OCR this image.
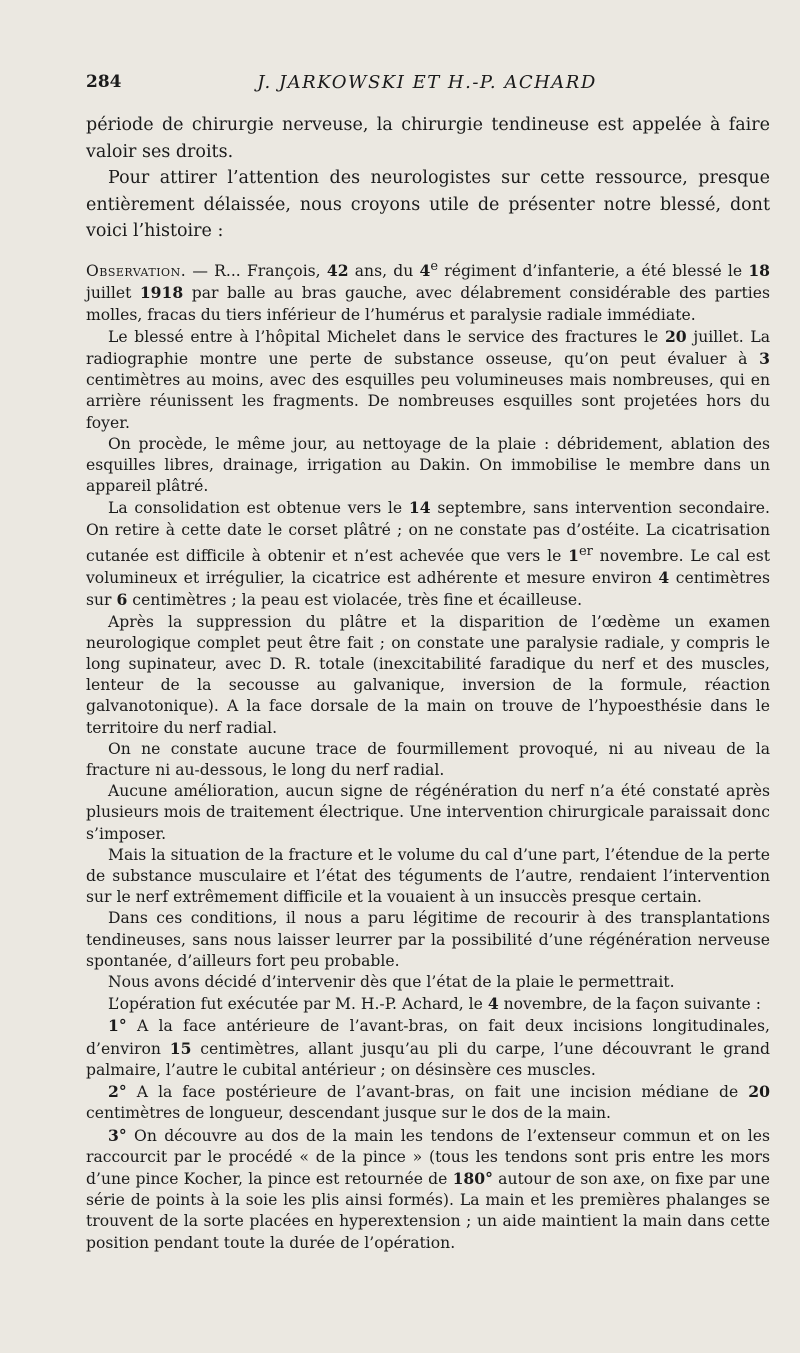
284	J. JARKOWSKI ET H.-P. ACHARD

période de chirurgie nerveuse, la chirurgie tendineuse est appelée à faire valoir ses droits.

Pour attirer l’attention des neurologistes sur cette ressource, presque entièrement délaissée, nous croyons utile de présenter notre blessé, dont voici l’histoire :

Observation. — R... François, 42 ans, du 4e régiment d’infanterie, a été blessé le 18 juillet 1918 par balle au bras gauche, avec délabrement considérable des parties molles, fracas du tiers inférieur de l’humérus et paralysie radiale immédiate.

Le blessé entre à l’hôpital Michelet dans le service des fractures le 20 juillet. La radiographie montre une perte de substance osseuse, qu’on peut évaluer à 3 centimètres au moins, avec des esquilles peu volumineuses mais nombreuses, qui en arrière réunissent les fragments. De nombreuses esquilles sont projetées hors du foyer.

On procède, le même jour, au nettoyage de la plaie : débridement, ablation des esquilles libres, drainage, irrigation au Dakin. On immobilise le membre dans un appareil plâtré.

La consolidation est obtenue vers le 14 septembre, sans intervention secondaire. On retire à cette date le corset plâtré ; on ne constate pas d’ostéite. La cicatrisation cutanée est difficile à obtenir et n’est achevée que vers le 1er novembre. Le cal est volumineux et irrégulier, la cicatrice est adhérente et mesure environ 4 centimètres sur 6 centimètres ; la peau est violacée, très fine et écailleuse.

Après la suppression du plâtre et la disparition de l’œdème un examen neurologique complet peut être fait ; on constate une paralysie radiale, y compris le long supinateur, avec D. R. totale (inexcitabilité faradique du nerf et des muscles, lenteur de la secousse au galvanique, inversion de la formule, réaction galvanotonique). A la face dorsale de la main on trouve de l’hypoesthésie dans le territoire du nerf radial.

On ne constate aucune trace de fourmillement provoqué, ni au niveau de la fracture ni au-dessous, le long du nerf radial.

Aucune amélioration, aucun signe de régénération du nerf n’a été constaté après plusieurs mois de traitement électrique. Une intervention chirurgicale paraissait donc s’imposer.

Mais la situation de la fracture et le volume du cal d’une part, l’étendue de la perte de substance musculaire et l’état des téguments de l’autre, rendaient l’intervention sur le nerf extrêmement difficile et la vouaient à un insuccès presque certain.

Dans ces conditions, il nous a paru légitime de recourir à des transplantations tendineuses, sans nous laisser leurrer par la possibilité d’une régénération nerveuse spontanée, d’ailleurs fort peu probable.

Nous avons décidé d’intervenir dès que l’état de la plaie le permettrait.

L’opération fut exécutée par M. H.-P. Achard, le 4 novembre, de la façon suivante :

1° A la face antérieure de l’avant-bras, on fait deux incisions longitudinales, d’environ 15 centimètres, allant jusqu’au pli du carpe, l’une découvrant le grand palmaire, l’autre le cubital antérieur ; on désinsère ces muscles.

2° A la face postérieure de l’avant-bras, on fait une incision médiane de 20 centimètres de longueur, descendant jusque sur le dos de la main.

3° On découvre au dos de la main les tendons de l’extenseur commun et on les raccourcit par le procédé « de la pince » (tous les tendons sont pris entre les mors d’une pince Kocher, la pince est retournée de 180° autour de son axe, on fixe par une série de points à la soie les plis ainsi formés). La main et les premières phalanges se trouvent de la sorte placées en hyperextension ; un aide maintient la main dans cette position pendant toute la durée de l’opération.
